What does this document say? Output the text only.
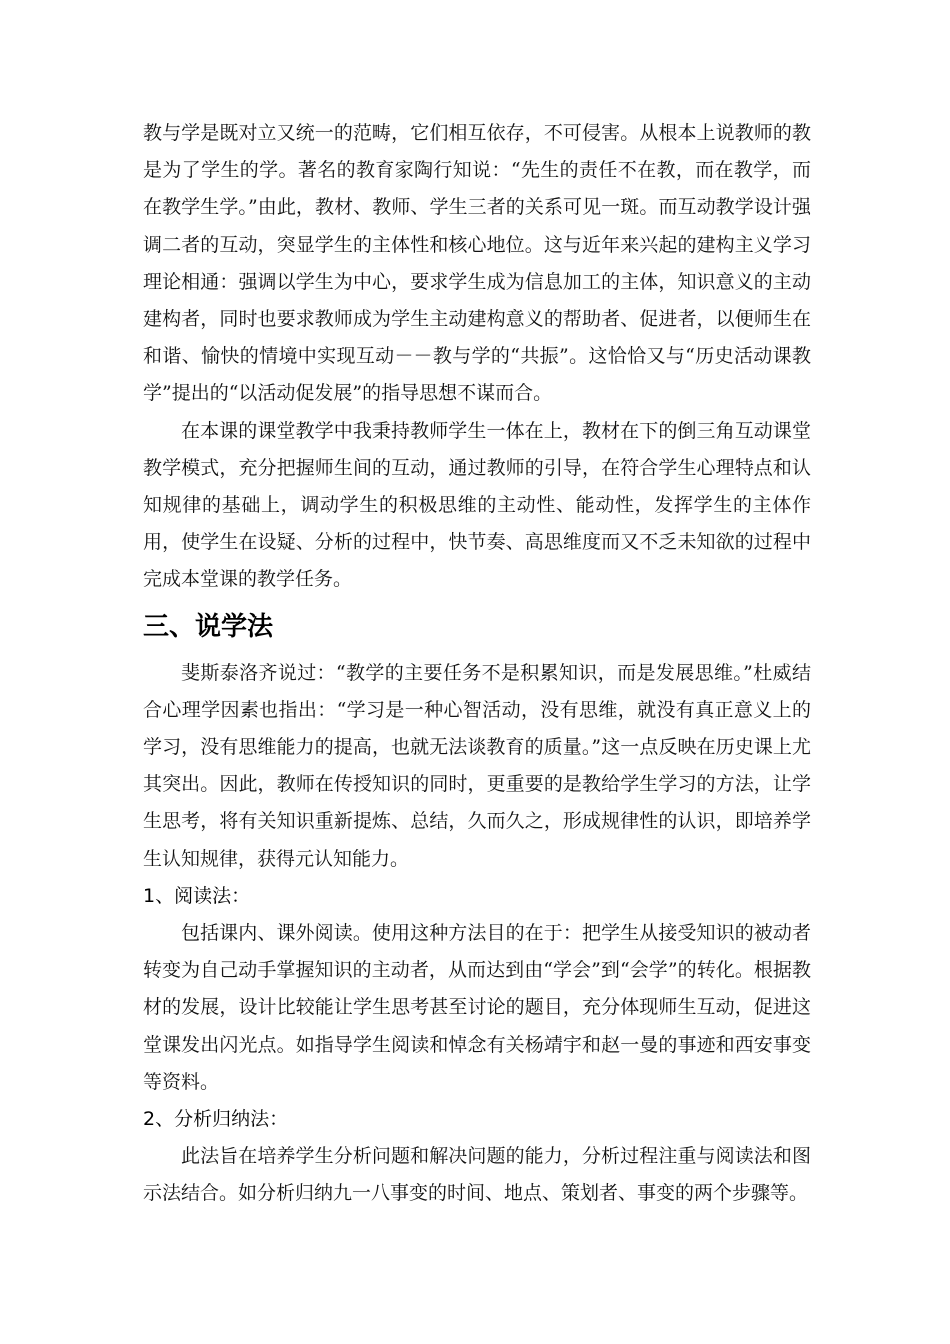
教与学是既对立又统一的范畴，它们相互依存，不可侵害。从根本上说教师的教是为了学生的学。著名的教育家陶行知说：“先生的责任不在教，而在教学，而在教学生学。”由此，教材、教师、学生三者的关系可见一斑。而互动教学设计强调二者的互动，突显学生的主体性和核心地位。这与近年来兴起的建构主义学习理论相通：强调以学生为中心，要求学生成为信息加工的主体，知识意义的主动建构者，同时也要求教师成为学生主动建构意义的帮助者、促进者，以便师生在和谐、愉快的情境中实现互动－－教与学的“共振”。这恰恰又与“历史活动课教学”提出的“以活动促发展”的指导思想不谋而合。

在本课的课堂教学中我秉持教师学生一体在上，教材在下的倒三角互动课堂教学模式，充分把握师生间的互动，通过教师的引导，在符合学生心理特点和认知规律的基础上，调动学生的积极思维的主动性、能动性，发挥学生的主体作用，使学生在设疑、分析的过程中，快节奏、高思维度而又不乏未知欲的过程中完成本堂课的教学任务。

三、说学法

斐斯泰洛齐说过：“教学的主要任务不是积累知识，而是发展思维。”杜威结合心理学因素也指出：“学习是一种心智活动，没有思维，就没有真正意义上的学习，没有思维能力的提高，也就无法谈教育的质量。”这一点反映在历史课上尤其突出。因此，教师在传授知识的同时，更重要的是教给学生学习的方法，让学生思考，将有关知识重新提炼、总结，久而久之，形成规律性的认识，即培养学生认知规律，获得元认知能力。

1、阅读法：

包括课内、课外阅读。使用这种方法目的在于：把学生从接受知识的被动者转变为自己动手掌握知识的主动者，从而达到由“学会”到“会学”的转化。根据教材的发展，设计比较能让学生思考甚至讨论的题目，充分体现师生互动，促进这堂课发出闪光点。如指导学生阅读和悼念有关杨靖宇和赵一曼的事迹和西安事变等资料。

2、分析归纳法：

此法旨在培养学生分析问题和解决问题的能力，分析过程注重与阅读法和图示法结合。如分析归纳九一八事变的时间、地点、策划者、事变的两个步骤等。
